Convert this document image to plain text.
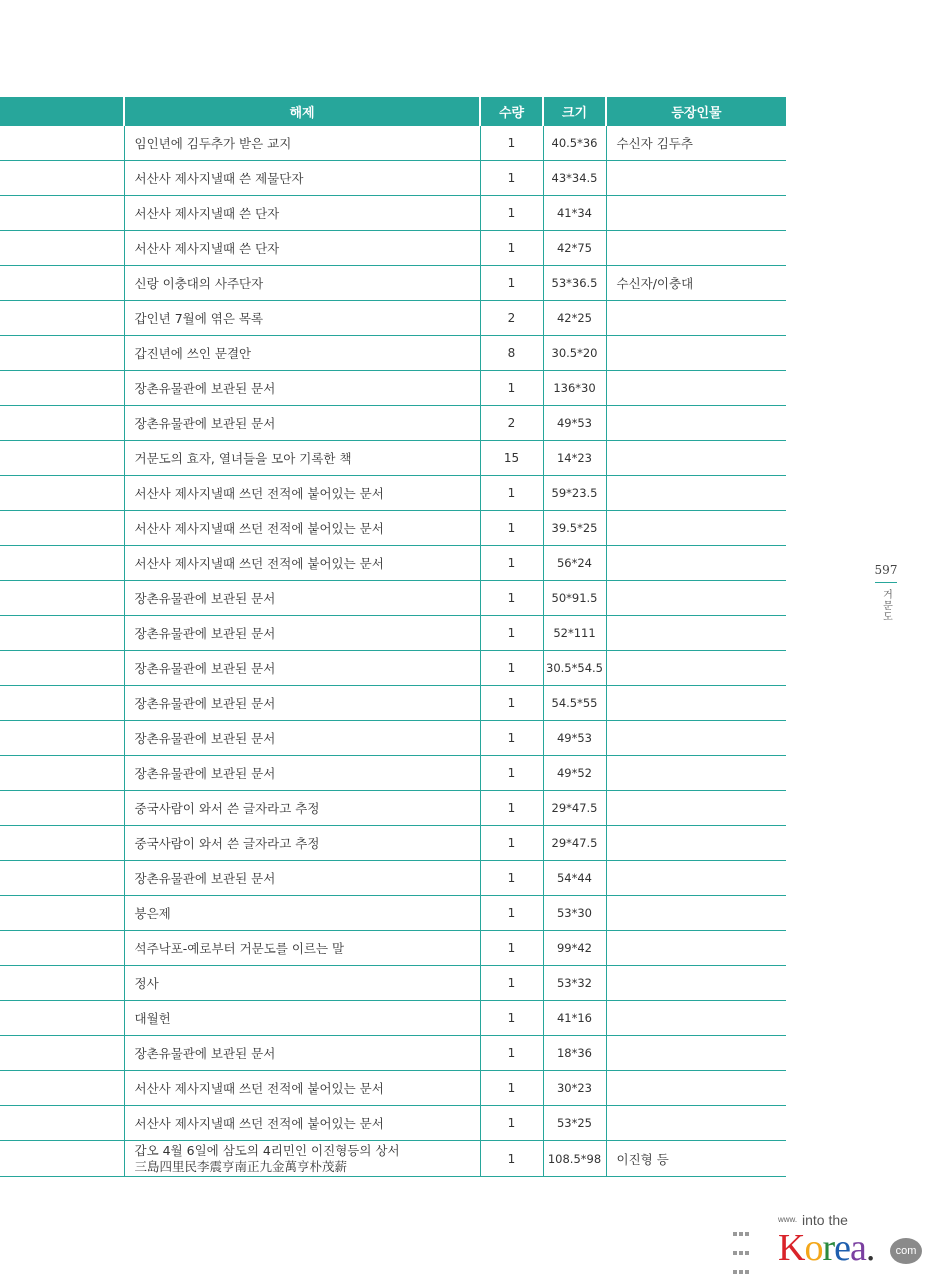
	해제	수량	크기	등장인물
	임인년에 김두추가 받은 교지	1	40.5*36	수신자 김두추
	서산사 제사지낼때 쓴 제물단자	1	43*34.5	
	서산사 제사지낼때 쓴 단자	1	41*34	
	서산사 제사지낼때 쓴 단자	1	42*75	
	신랑 이충대의 사주단자	1	53*36.5	수신자/이충대
	갑인년 7월에 엮은 목록	2	42*25	
	갑진년에 쓰인 문결안	8	30.5*20	
	장촌유물관에 보관된 문서	1	136*30	
	장촌유물관에 보관된 문서	2	49*53	
	거문도의 효자, 열녀들을 모아 기록한 책	15	14*23	
	서산사 제사지낼때 쓰던 전적에 붙어있는 문서	1	59*23.5	
	서산사 제사지낼때 쓰던 전적에 붙어있는 문서	1	39.5*25	
	서산사 제사지낼때 쓰던 전적에 붙어있는 문서	1	56*24	
	장촌유물관에 보관된 문서	1	50*91.5	
	장촌유물관에 보관된 문서	1	52*111	
	장촌유물관에 보관된 문서	1	30.5*54.5	
	장촌유물관에 보관된 문서	1	54.5*55	
	장촌유물관에 보관된 문서	1	49*53	
	장촌유물관에 보관된 문서	1	49*52	
	중국사람이 와서 쓴 글자라고 추정	1	29*47.5	
	중국사람이 와서 쓴 글자라고 추정	1	29*47.5	
	장촌유물관에 보관된 문서	1	54*44	
	붕은제	1	53*30	
	석주낙포-예로부터 거문도를 이르는 말	1	99*42	
	정사	1	53*32	
	대월헌	1	41*16	
	장촌유물관에 보관된 문서	1	18*36	
	서산사 제사지낼때 쓰던 전적에 붙어있는 문서	1	30*23	
	서산사 제사지낼때 쓰던 전적에 붙어있는 문서	1	53*25	

	갑오 4월 6일에 삼도의 4리민인 이진형등의 상서
三島四里民李震亨南正九金萬亨朴茂薪	1	108.5*98	이진형 등
597
거문도

www. into the
Korea.	com
